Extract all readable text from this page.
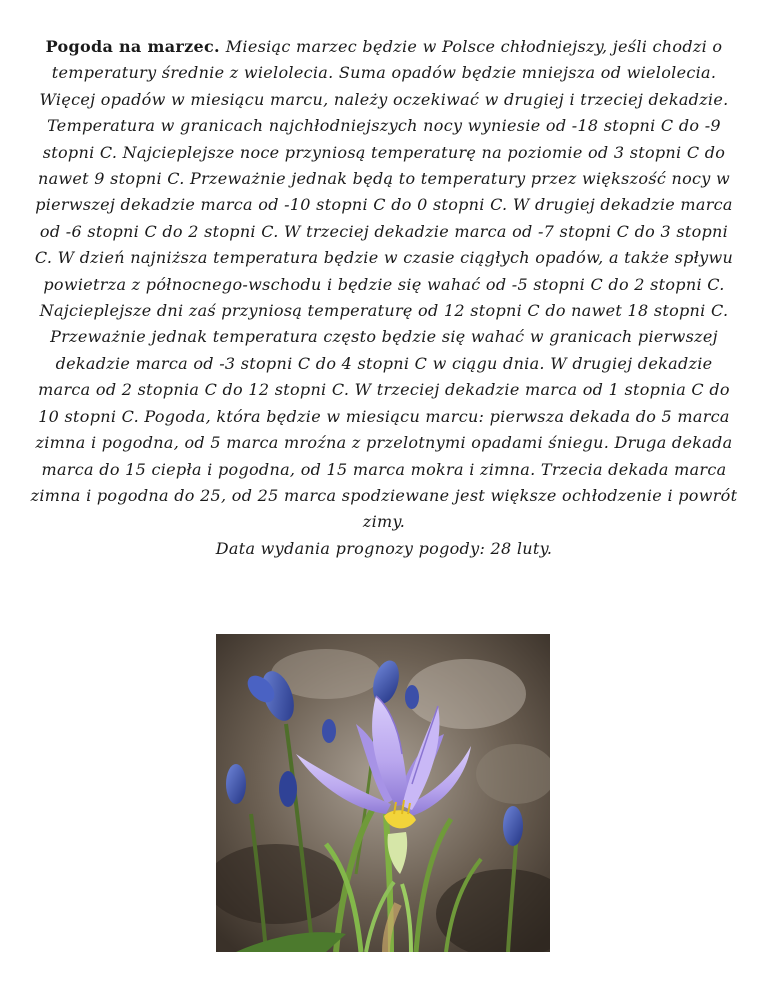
Pogoda na marzec. Miesiąc marzec będzie w Polsce chłodniejszy, jeśli chodzi o temperatury średnie z wielolecia. Suma opadów będzie mniejsza od wielolecia. Więcej opadów w miesiącu marcu, należy oczekiwać w drugiej i trzeciej dekadzie. Temperatura w granicach najchłodniejszych nocy wyniesie od -18 stopni C do -9 stopni C. Najcieplejsze noce przyniosą temperaturę na poziomie od 3 stopni C do nawet 9 stopni C. Przeważnie jednak będą to temperatury przez większość nocy w pierwszej dekadzie marca od -10 stopni C do 0 stopni C. W drugiej dekadzie marca od -6 stopni C do 2 stopni C. W trzeciej dekadzie marca od -7 stopni C do 3 stopni C. W dzień najniższa temperatura będzie w czasie ciągłych opadów, a także spływu powietrza z północnego-wschodu i będzie się wahać od -5 stopni C do 2 stopni C. Najcieplejsze dni zaś przyniosą temperaturę od 12 stopni C do nawet 18 stopni C. Przeważnie jednak temperatura często będzie się wahać w granicach pierwszej dekadzie marca od -3 stopni C do 4 stopni C w ciągu dnia. W drugiej dekadzie marca od 2 stopnia C do 12 stopni C. W trzeciej dekadzie marca od 1 stopnia C do 10 stopni C. Pogoda, która będzie w miesiącu marcu: pierwsza dekada do 5 marca zimna i pogodna, od 5 marca mroźna z przelotnymi opadami śniegu. Druga dekada marca do 15 ciepła i pogodna, od 15 marca mokra i zimna. Trzecia dekada marca zimna i pogodna do 25, od 25 marca spodziewane jest większe ochłodzenie i powrót zimy.
Data wydania prognozy pogody: 28 luty.
